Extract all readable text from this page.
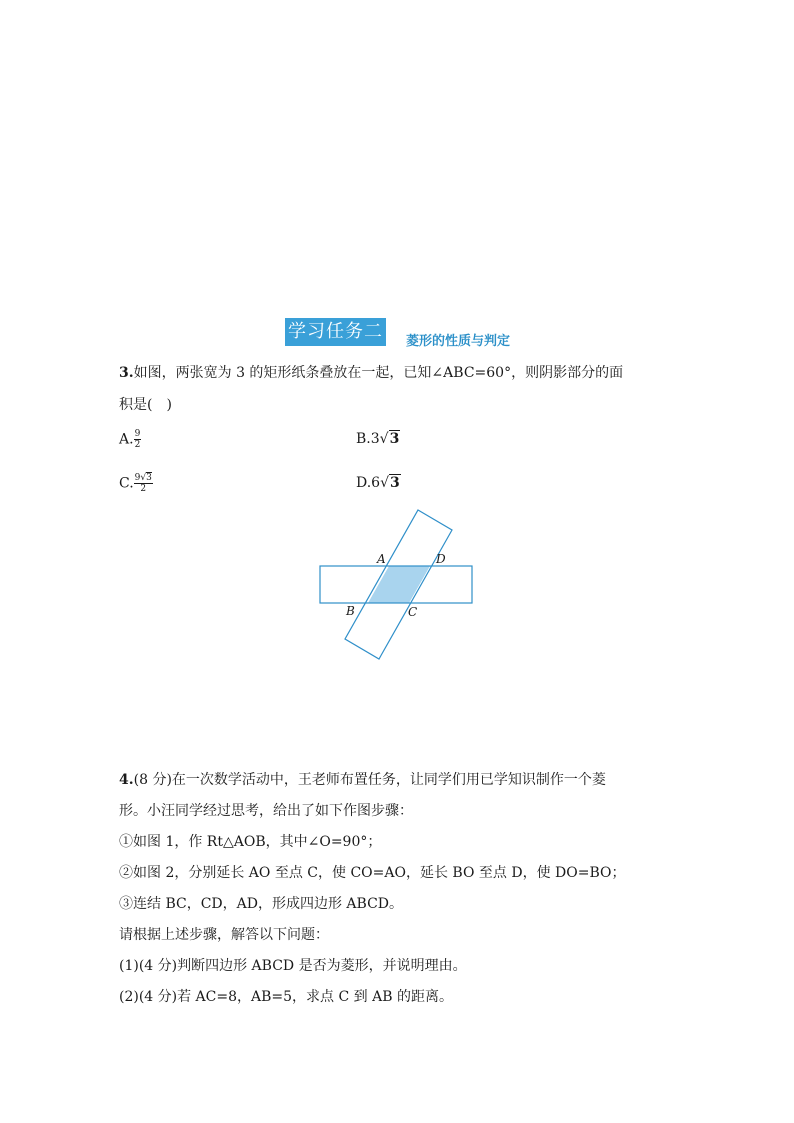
学习任务二 菱形的性质与判定
3.如图，两张宽为 3 的矩形纸条叠放在一起，已知∠ABC=60°，则阴影部分的面
积是(　)
A. $\frac{9}{2}$	B.3√3
C. $\frac{9√3}{2}$	D.6√3
A	D
B	C
4.(8 分)在一次数学活动中，王老师布置任务，让同学们用已学知识制作一个菱
形。小汪同学经过思考，给出了如下作图步骤：
①如图 1，作 Rt△AOB，其中∠O=90°；
②如图 2，分别延长 AO 至点 C，使 CO=AO，延长 BO 至点 D，使 DO=BO；
③连结 BC，CD，AD，形成四边形 ABCD。
请根据上述步骤，解答以下问题：
(1)(4 分)判断四边形 ABCD 是否为菱形，并说明理由。
(2)(4 分)若 AC=8，AB=5，求点 C 到 AB 的距离。
